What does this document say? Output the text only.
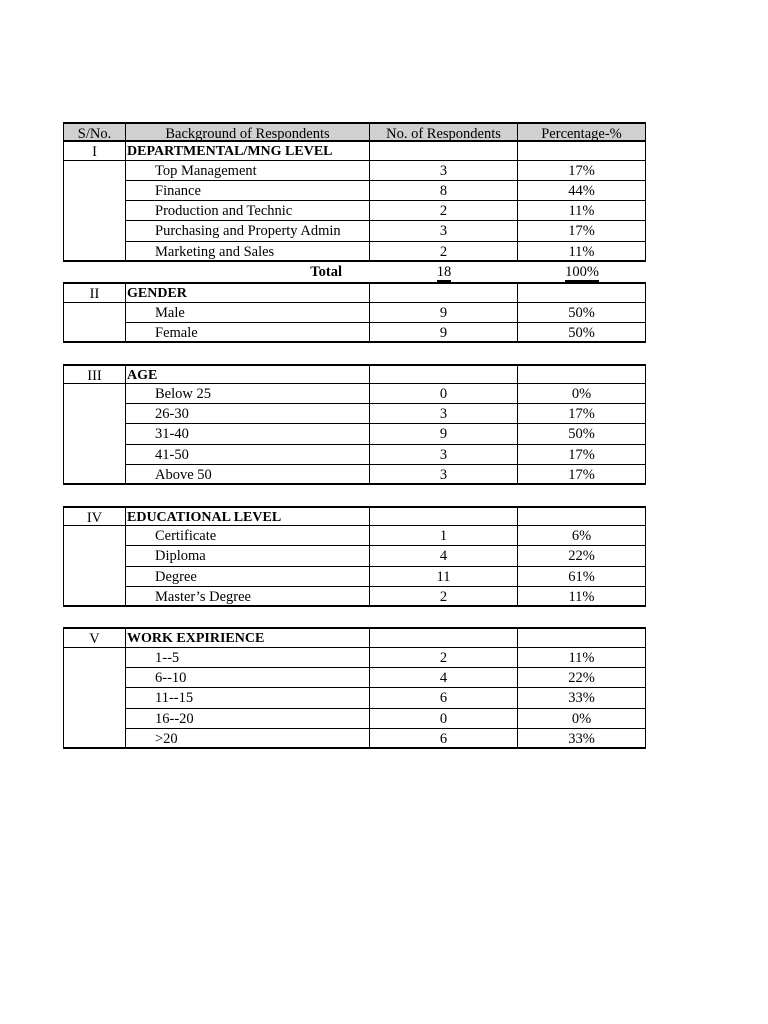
S/No.	Background of Respondents	No. of Respondents	Percentage-%
I	DEPARTMENTAL/MNG LEVEL
Top Management	3	17%
Finance	8	44%
Production and Technic	2	11%
Purchasing and Property Admin	3	17%
Marketing and Sales	2	11%
Total	18	100%
II	GENDER
Male	9	50%
Female	9	50%
III	AGE
Below 25	0	0%
26-30	3	17%
31-40	9	50%
41-50	3	17%
Above 50	3	17%
IV	EDUCATIONAL LEVEL
Certificate	1	6%
Diploma	4	22%
Degree	11	61%
Master’s Degree	2	11%
V	WORK EXPIRIENCE
1--5	2	11%
6--10	4	22%
11--15	6	33%
16--20	0	0%
>20	6	33%
